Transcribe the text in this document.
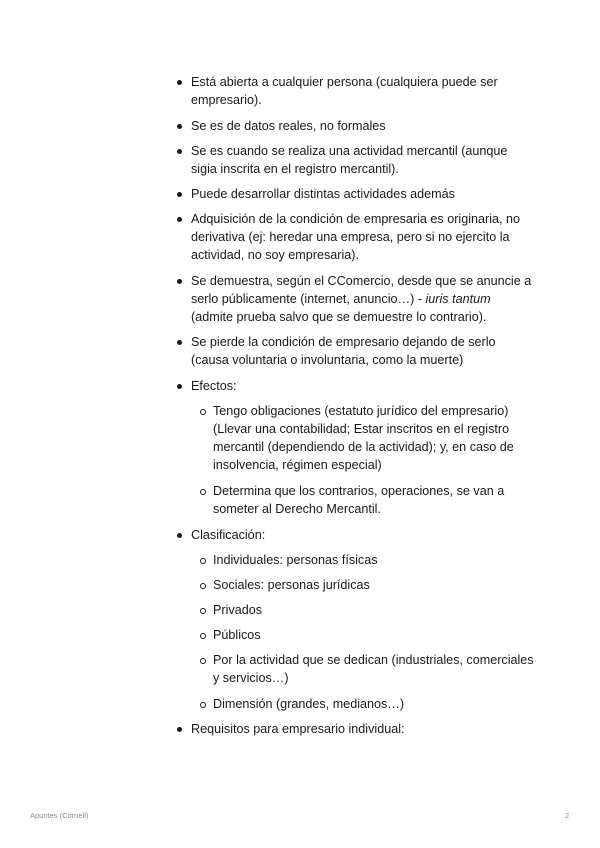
Está abierta a cualquier persona (cualquiera puede ser empresario).
Se es de datos reales, no formales
Se es cuando se realiza una actividad mercantil (aunque sigia inscrita en el registro mercantil).
Puede desarrollar distintas actividades además
Adquisición de la condición de empresaria es originaria, no derivativa (ej: heredar una empresa, pero si no ejercito la actividad, no soy empresaria).
Se demuestra, según el CComercio, desde que se anuncie a serlo públicamente (internet, anuncio…) - iuris tantum (admite prueba salvo que se demuestre lo contrario).
Se pierde la condición de empresario dejando de serlo (causa voluntaria o involuntaria, como la muerte)
Efectos:
Tengo obligaciones (estatuto jurídico del empresario) (Llevar una contabilidad; Estar inscritos en el registro mercantil (dependiendo de la actividad); y, en caso de insolvencia, régimen especial)
Determina que los contrarios, operaciones, se van a someter al Derecho Mercantil.
Clasificación:
Individuales: personas físicas
Sociales: personas jurídicas
Privados
Públicos
Por la actividad que se dedican (industriales, comerciales y servicios…)
Dimensión (grandes, medianos…)
Requisitos para empresario individual:
Apuntes (Cornell)	2
